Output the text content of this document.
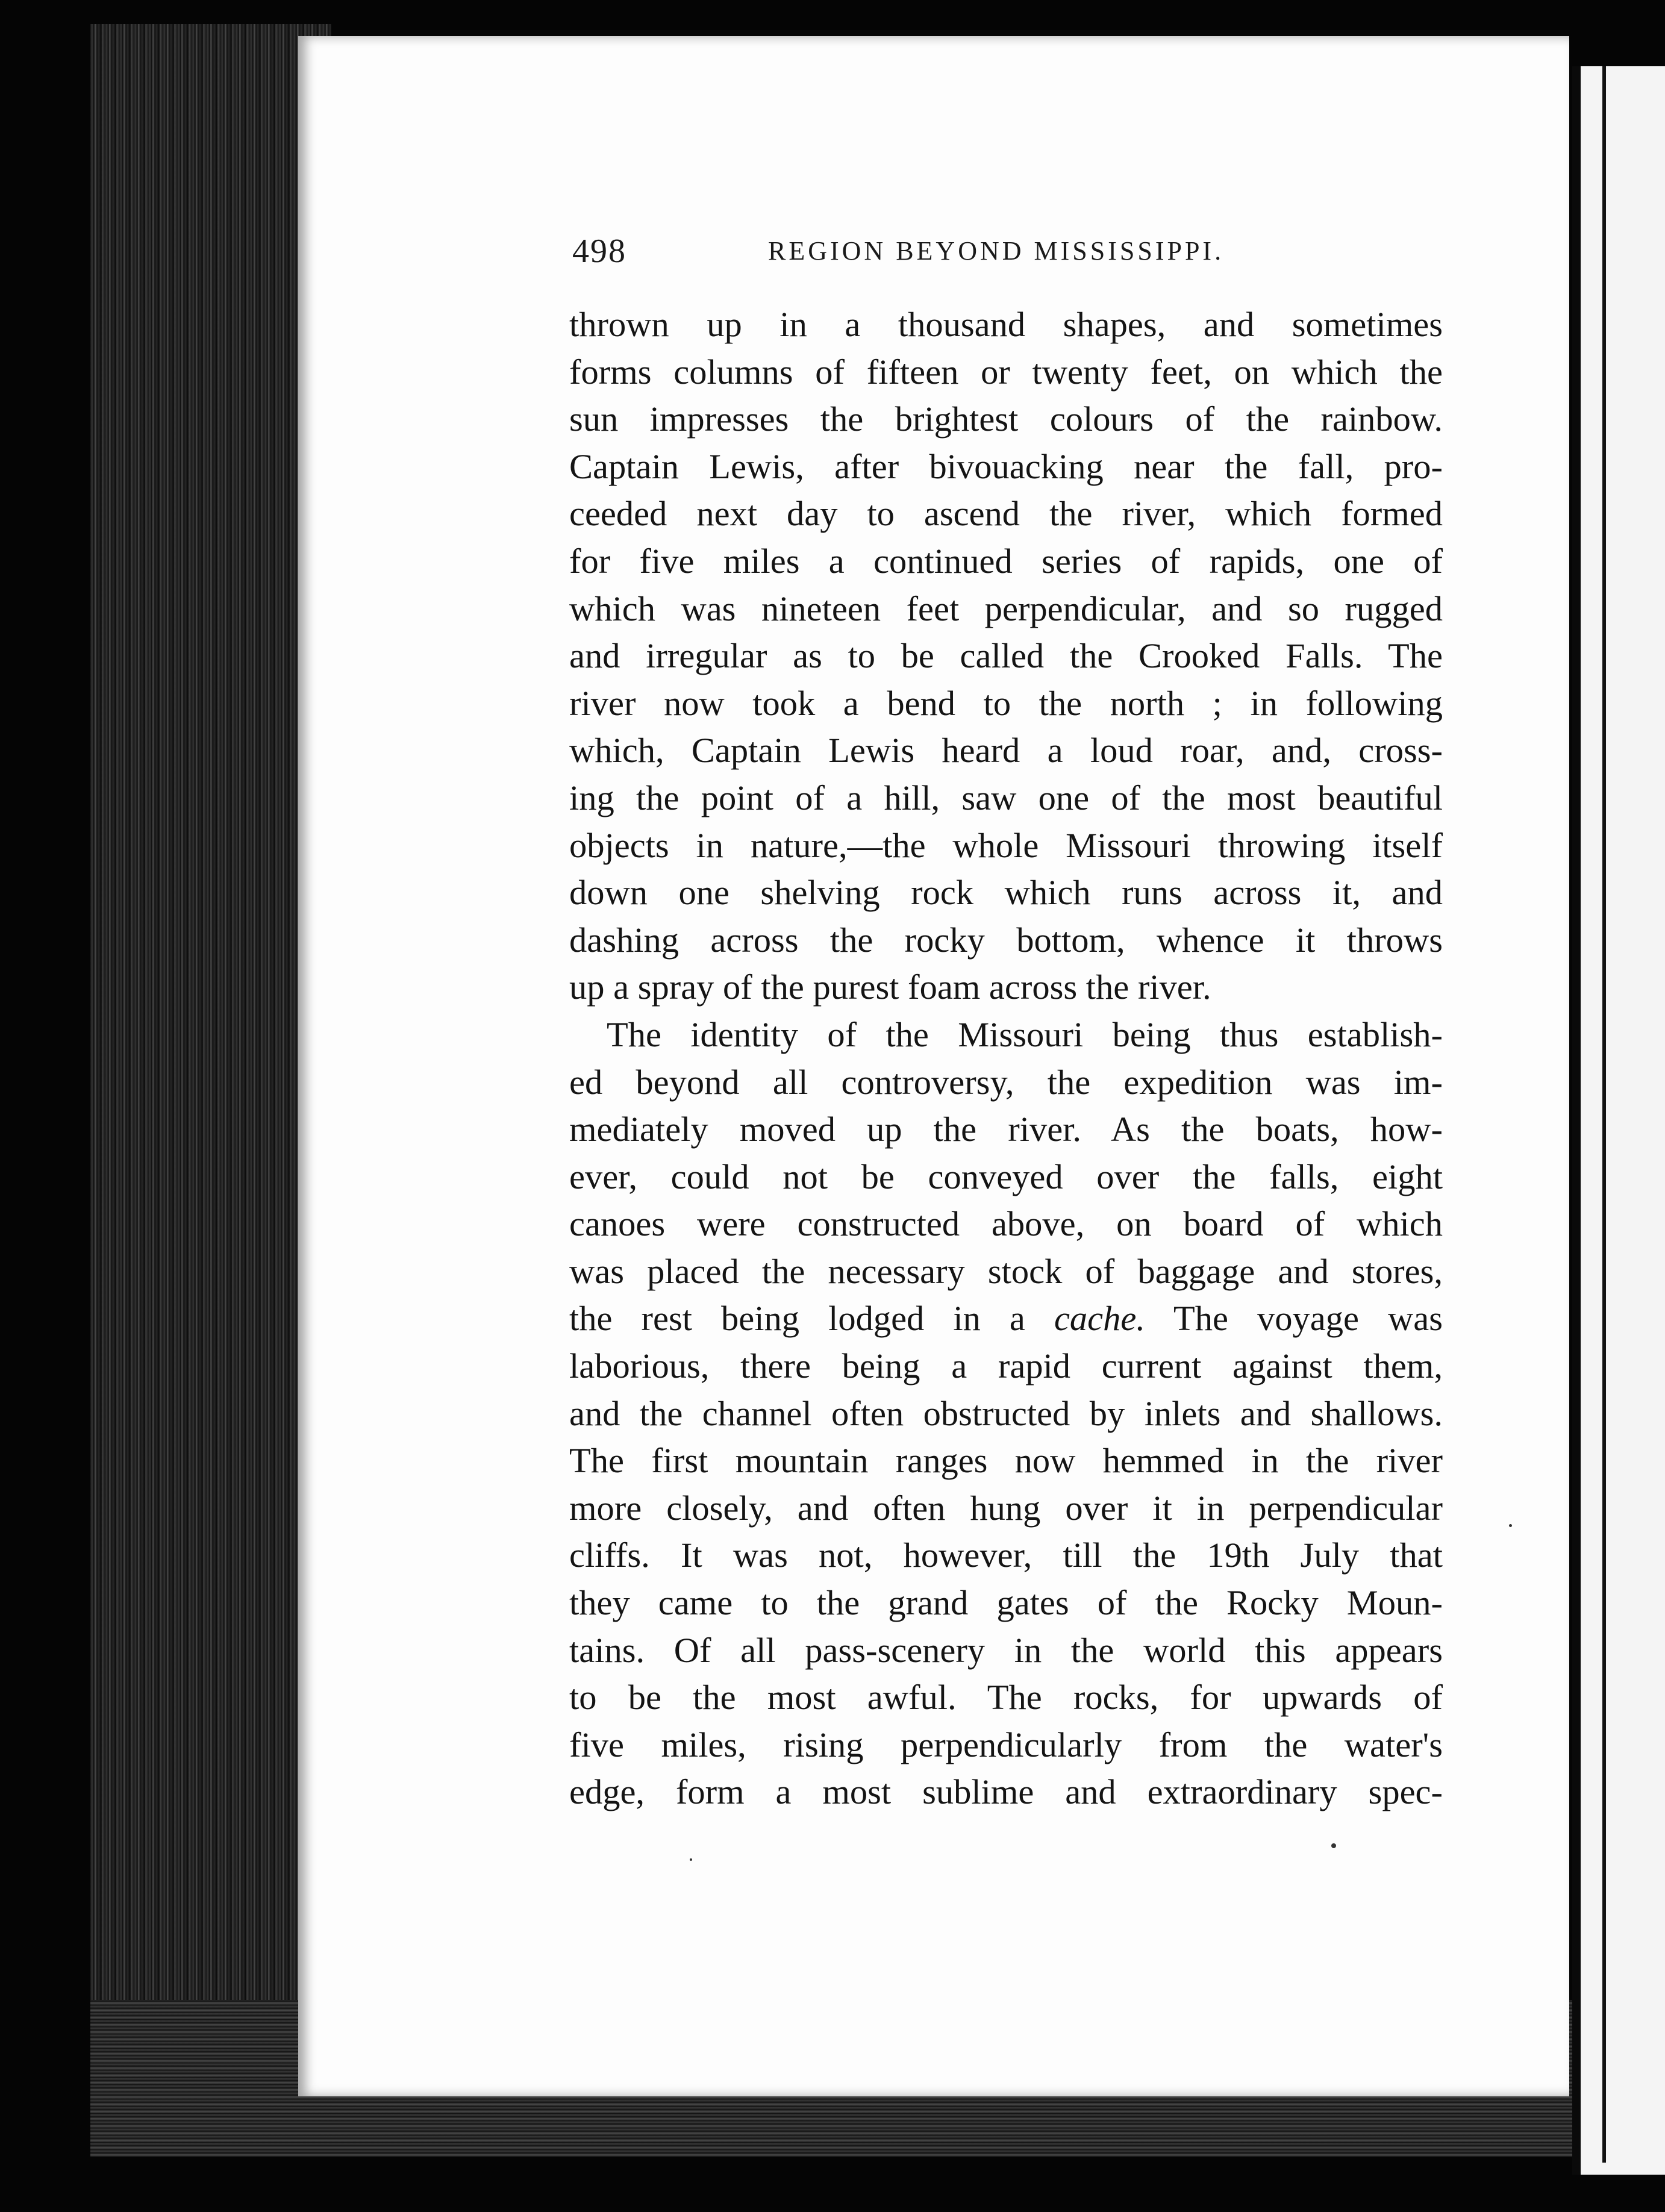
498	REGION BEYOND MISSISSIPPI.
thrown up in a thousand shapes, and sometimes
forms columns of fifteen or twenty feet, on which the
sun impresses the brightest colours of the rainbow.
Captain Lewis, after bivouacking near the fall, pro-
ceeded next day to ascend the river, which formed
for five miles a continued series of rapids, one of
which was nineteen feet perpendicular, and so rugged
and irregular as to be called the Crooked Falls. The
river now took a bend to the north ; in following
which, Captain Lewis heard a loud roar, and, cross-
ing the point of a hill, saw one of the most beautiful
objects in nature,—the whole Missouri throwing itself
down one shelving rock which runs across it, and
dashing across the rocky bottom, whence it throws
up a spray of the purest foam across the river.
The identity of the Missouri being thus establish-
ed beyond all controversy, the expedition was im-
mediately moved up the river. As the boats, how-
ever, could not be conveyed over the falls, eight
canoes were constructed above, on board of which
was placed the necessary stock of baggage and stores,
the rest being lodged in a cache. The voyage was
laborious, there being a rapid current against them,
and the channel often obstructed by inlets and shallows.
The first mountain ranges now hemmed in the river
more closely, and often hung over it in perpendicular
cliffs. It was not, however, till the 19th July that
they came to the grand gates of the Rocky Moun-
tains. Of all pass-scenery in the world this appears
to be the most awful. The rocks, for upwards of
five miles, rising perpendicularly from the water's
edge, form a most sublime and extraordinary spec-
